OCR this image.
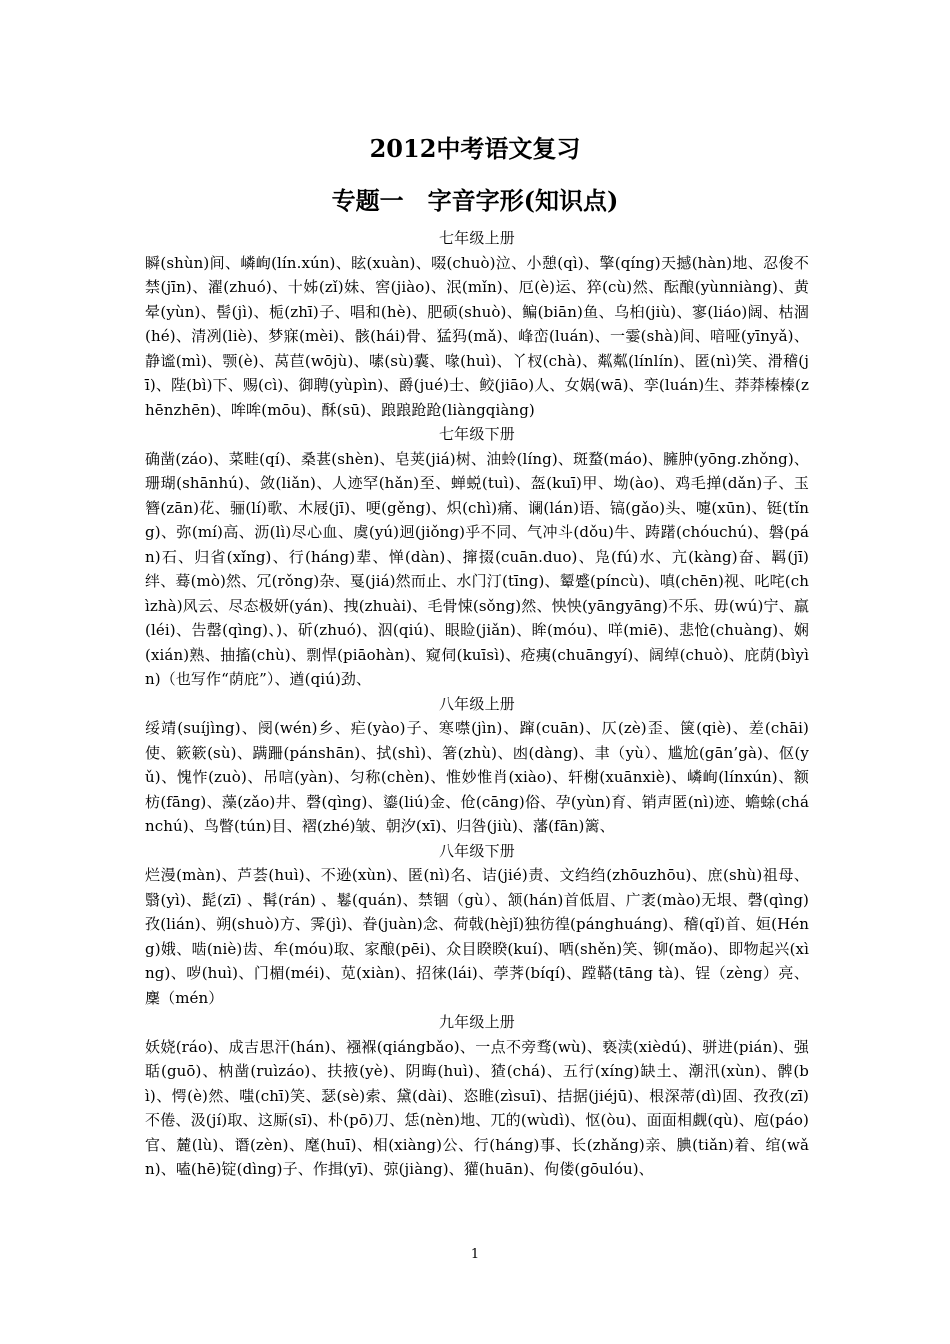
2012中考语文复习
专题一　字音字形(知识点)
七年级上册
瞬(shùn)间、嶙峋(lín.xún)、眩(xuàn)、啜(chuò)泣、小憩(qì)、擎(qíng)天撼(hàn)地、忍俊不禁(jīn)、濯(zhuó)、十姊(zǐ)妹、窖(jiào)、泯(mǐn)、厄(è)运、猝(cù)然、酝酿(yùnniàng)、黄晕(yùn)、髻(jì)、栀(zhī)子、唱和(hè)、肥硕(shuò)、鳊(biān)鱼、乌桕(jiù)、寥(liáo)阔、枯涸(hé)、清冽(liè)、梦寐(mèi)、骸(hái)骨、猛犸(mǎ)、峰峦(luán)、一霎(shà)间、喑哑(yīnyǎ)、静谧(mì)、颚(è)、莴苣(wōjù)、嗉(sù)囊、喙(huì)、丫杈(chà)、粼粼(línlín)、匿(nì)笑、滑稽(jī)、陛(bì)下、赐(cì)、御聘(yùpìn)、爵(jué)士、鲛(jiāo)人、女娲(wā)、孪(luán)生、莽莽榛榛(zhēnzhēn)、哞哞(mōu)、酥(sū)、踉踉跄跄(liàngqiàng)
七年级下册
确凿(záo)、菜畦(qí)、桑葚(shèn)、皂荚(jiá)树、油蛉(líng)、斑蝥(máo)、臃肿(yōng.zhǒng)、珊瑚(shānhú)、敛(liǎn)、人迹罕(hǎn)至、蝉蜕(tuì)、盔(kuī)甲、坳(ào)、鸡毛掸(dǎn)子、玉簪(zān)花、骊(lí)歌、木屐(jī)、哽(gěng)、炽(chì)痛、谰(lán)语、镐(gǎo)头、嚏(xūn)、铤(tǐng)、弥(mí)高、沥(lì)尽心血、虞(yú)迥(jiǒng)乎不同、气冲斗(dǒu)牛、踌躇(chóuchú)、磐(pán)石、归省(xǐng)、行(háng)辈、惮(dàn)、撺掇(cuān.duo)、凫(fú)水、亢(kàng)奋、羁(jī)绊、蓦(mò)然、冗(rǒng)杂、戛(jiá)然而止、水门汀(tīng)、颦蹙(píncù)、嗔(chēn)视、叱咤(chìzhà)风云、尽态极妍(yán)、拽(zhuài)、毛骨悚(sǒng)然、怏怏(yāngyāng)不乐、毋(wú)宁、羸(léi)、告罄(qìng)、)、斫(zhuó)、泅(qiú)、眼睑(jiǎn)、眸(móu)、咩(miē)、悲怆(chuàng)、娴(xián)熟、抽搐(chù)、剽悍(piāohàn)、窥伺(kuīsì)、疮痍(chuāngyí)、阔绰(chuò)、庇荫(bìyìn)（也写作“荫庇”）、遒(qiú)劲、
八年级上册
绥靖(suíjìng)、阌(wén)乡、疟(yào)子、寒噤(jìn)、蹿(cuān)、仄(zè)歪、箧(qiè)、差(chāi)使、簌簌(sù)、蹒跚(pánshān)、拭(shì)、箸(zhù)、凼(dàng)、聿（yù）、尴尬(gān’gà)、伛(yǔ)、愧怍(zuò)、吊唁(yàn)、匀称(chèn)、惟妙惟肖(xiào)、轩榭(xuānxiè)、嶙峋(línxún)、额枋(fāng)、藻(zǎo)井、磬(qìng)、鎏(liú)金、伧(cāng)俗、孕(yùn)育、销声匿(nì)迹、蟾蜍(chánchú)、鸟瞥(tún)目、褶(zhé)皱、朝汐(xī)、归咎(jiù)、藩(fān)篱、
八年级下册
烂漫(màn)、芦荟(huì)、不逊(xùn)、匿(nì)名、诘(jié)责、文绉绉(zhōuzhōu)、庶(shù)祖母、翳(yì)、髭(zī) 、髯(rán) 、鬈(quán)、禁锢（gù）、颔(hán)首低眉、广袤(mào)无垠、磬(qìng)孜(lián)、朔(shuò)方、霁(jì)、眷(juàn)念、荷戟(hèjǐ)独彷徨(pánghuáng)、稽(qǐ)首、姮(Héng)娥、啮(niè)齿、牟(móu)取、家酿(pēi)、众目睽睽(kuí)、哂(shěn)笑、铆(mǎo)、即物起兴(xìng)、哕(huì)、门楣(méi)、苋(xiàn)、招徕(lái)、荸荠(bíqí)、蹚鞳(tāng tà)、锃（zèng）亮、麇（mén）
九年级上册
妖娆(ráo)、成吉思汗(hán)、襁褓(qiángbǎo)、一点不旁骛(wù)、亵渎(xièdú)、骈进(pián)、强聒(guō)、枘凿(ruìzáo)、扶掖(yè)、阴晦(huì)、猹(chá)、五行(xíng)缺土、潮汛(xùn)、髀(bì)、愕(è)然、嗤(chī)笑、瑟(sè)索、黛(dài)、恣睢(zìsuī)、拮据(jiéjū)、根深蒂(dì)固、孜孜(zī)不倦、汲(jí)取、这厮(sī)、朴(pō)刀、恁(nèn)地、兀的(wùdì)、怄(òu)、面面相觑(qù)、庖(páo)官、麓(lù)、谮(zèn)、麾(huī)、相(xiàng)公、行(háng)事、长(zhǎng)亲、腆(tiǎn)着、绾(wǎn)、嗑(hē)锭(dìng)子、作揖(yī)、弶(jiàng)、獾(huān)、佝偻(gōulóu)、
1
